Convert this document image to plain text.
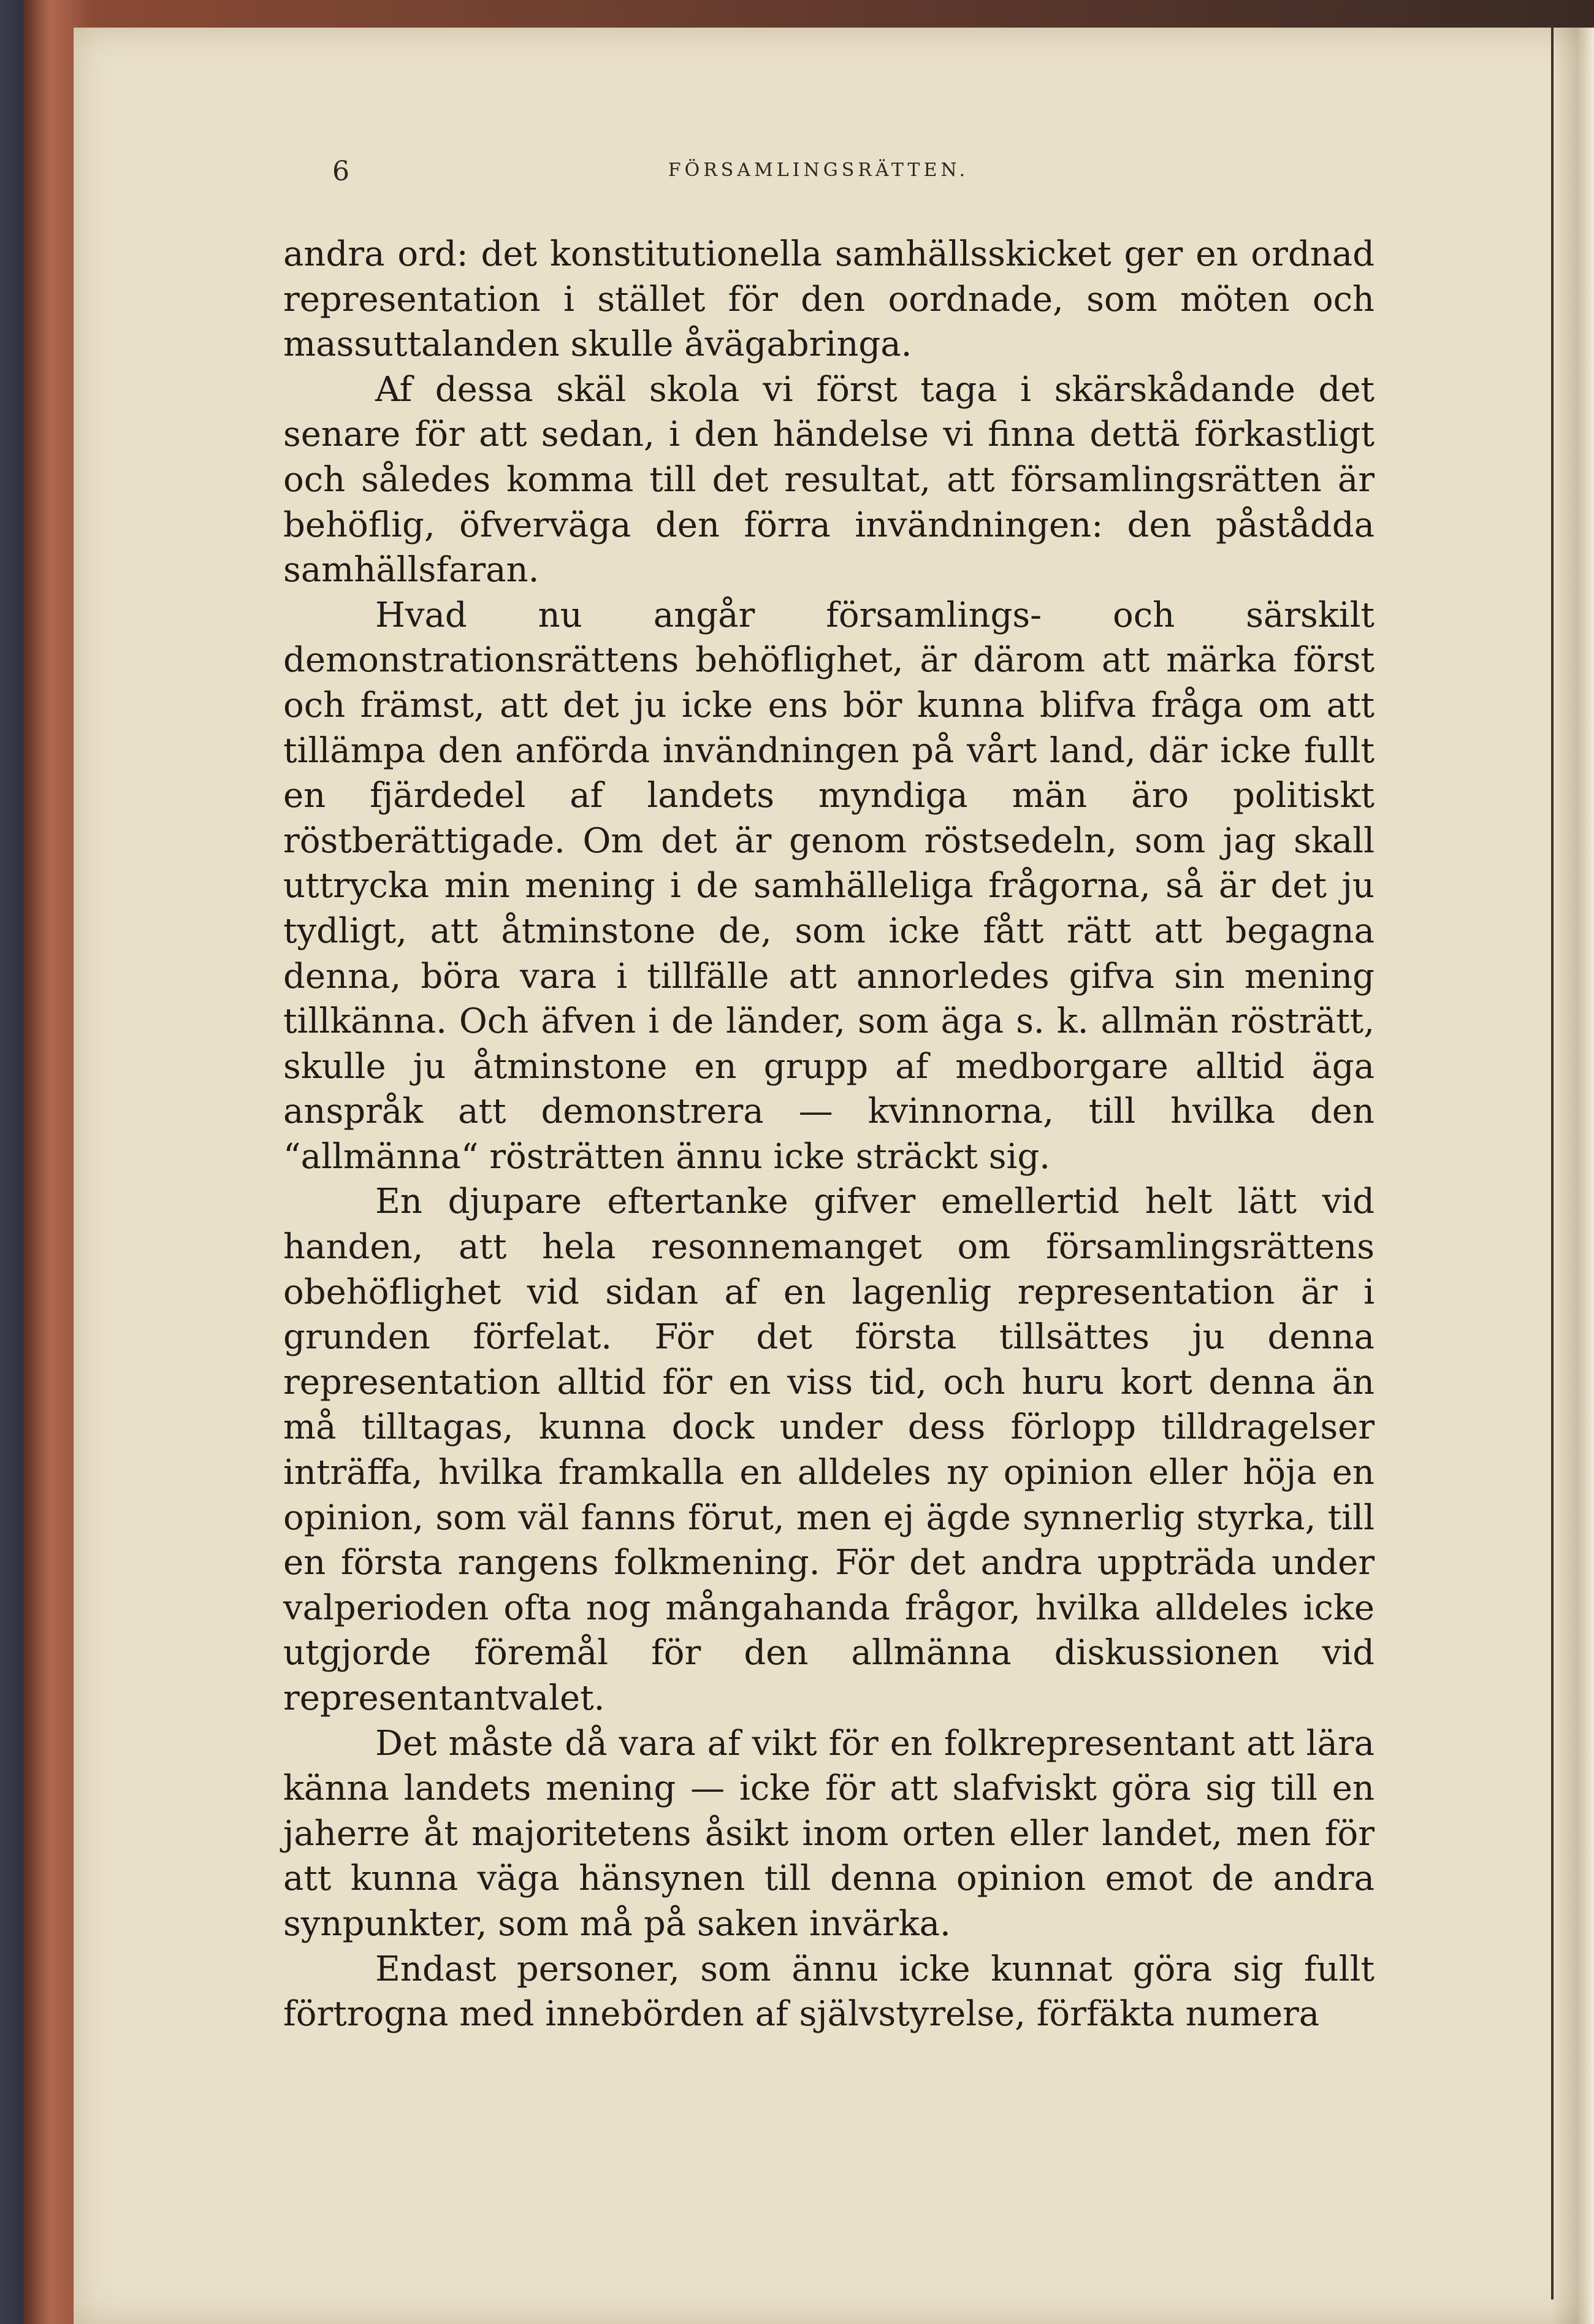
6	FÖRSAMLINGSRÄTTEN.

andra ord: det konstitutionella samhällsskicket ger en ordnad representation i stället för den oordnade, som möten och massuttalanden skulle åvägabringa.

Af dessa skäl skola vi först taga i skärskådande det senare för att sedan, i den händelse vi finna dettä förkastligt och således komma till det resultat, att församlingsrätten är behöflig, öfverväga den förra invändningen: den påstådda samhällsfaran.

Hvad nu angår församlings- och särskilt demonstrationsrättens behöflighet, är därom att märka först och främst, att det ju icke ens bör kunna blifva fråga om att tillämpa den anförda invändningen på vårt land, där icke fullt en fjärdedel af landets myndiga män äro politiskt röstberättigade. Om det är genom röstsedeln, som jag skall uttrycka min mening i de samhälleliga frågorna, så är det ju tydligt, att åtminstone de, som icke fått rätt att begagna denna, böra vara i tillfälle att annorledes gifva sin mening tillkänna. Och äfven i de länder, som äga s. k. allmän rösträtt, skulle ju åtminstone en grupp af medborgare alltid äga anspråk att demonstrera — kvinnorna, till hvilka den “allmänna“ rösträtten ännu icke sträckt sig.

En djupare eftertanke gifver emellertid helt lätt vid handen, att hela resonnemanget om församlingsrättens obehöflighet vid sidan af en lagenlig representation är i grunden förfelat. För det första tillsättes ju denna representation alltid för en viss tid, och huru kort denna än må tilltagas, kunna dock under dess förlopp tilldragelser inträffa, hvilka framkalla en alldeles ny opinion eller höja en opinion, som väl fanns förut, men ej ägde synnerlig styrka, till en första rangens folkmening. För det andra uppträda under valperioden ofta nog mångahanda frågor, hvilka alldeles icke utgjorde föremål för den allmänna diskussionen vid representantvalet.

Det måste då vara af vikt för en folkrepresentant att lära känna landets mening — icke för att slafviskt göra sig till en jaherre åt majoritetens åsikt inom orten eller landet, men för att kunna väga hänsynen till denna opinion emot de andra synpunkter, som må på saken invärka.

Endast personer, som ännu icke kunnat göra sig fullt förtrogna med innebörden af självstyrelse, förfäkta numera
